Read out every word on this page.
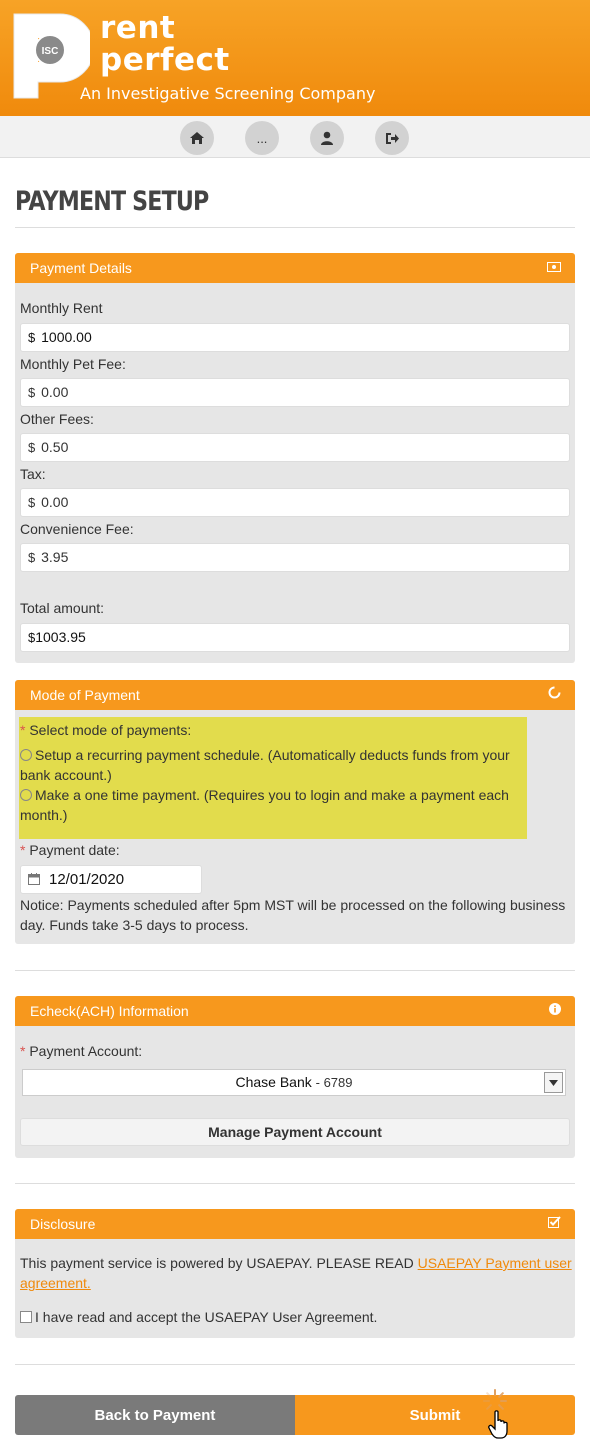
ISC
rent
perfect
An Investigative Screening Company
...
PAYMENT SETUP
Payment Details
Monthly Rent
$ 1000.00
Monthly Pet Fee:
$ 0.00
Other Fees:
$ 0.50
Tax:
$ 0.00
Convenience Fee:
$ 3.95
Total amount:
$1003.95
Mode of Payment
* Select mode of payments:
Setup a recurring payment schedule. (Automatically deducts funds from your bank account.)
Make a one time payment. (Requires you to login and make a payment each month.)
* Payment date:
12/01/2020
Notice: Payments scheduled after 5pm MST will be processed on the following business day. Funds take 3-5 days to process.
Echeck(ACH) Information
* Payment Account:
Chase Bank - 6789
Manage Payment Account
Disclosure
This payment service is powered by USAEPAY. PLEASE READ USAEPAY Payment user agreement.
I have read and accept the USAEPAY User Agreement.
Back to Payment	Submit
